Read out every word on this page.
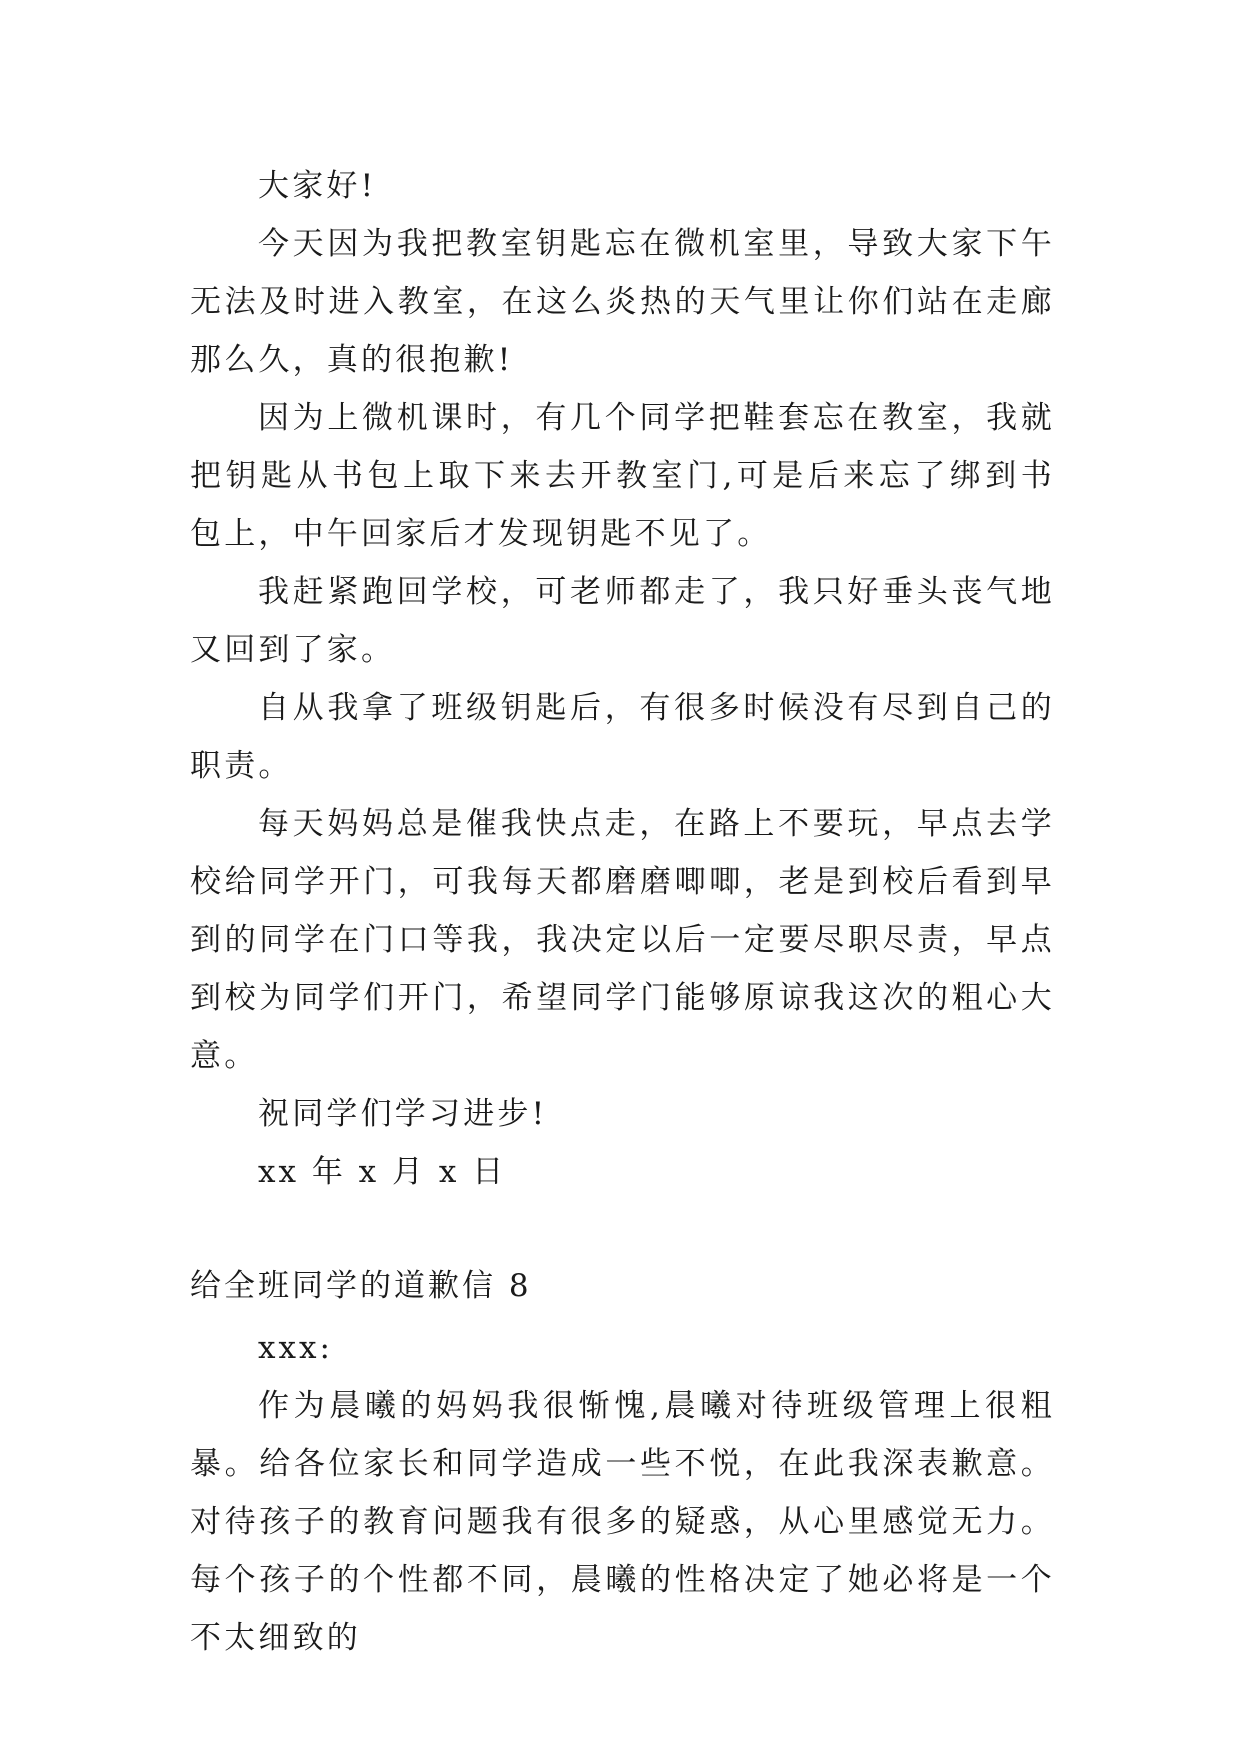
大家好!

今天因为我把教室钥匙忘在微机室里，导致大家下午无法及时进入教室，在这么炎热的天气里让你们站在走廊那么久，真的很抱歉!

因为上微机课时，有几个同学把鞋套忘在教室，我就把钥匙从书包上取下来去开教室门,可是后来忘了绑到书包上，中午回家后才发现钥匙不见了。

我赶紧跑回学校，可老师都走了，我只好垂头丧气地又回到了家。

自从我拿了班级钥匙后，有很多时候没有尽到自己的职责。

每天妈妈总是催我快点走，在路上不要玩，早点去学校给同学开门，可我每天都磨磨唧唧，老是到校后看到早到的同学在门口等我，我决定以后一定要尽职尽责，早点到校为同学们开门，希望同学门能够原谅我这次的粗心大意。

祝同学们学习进步!

xx 年 x 月 x 日

给全班同学的道歉信 8

xxx:

作为晨曦的妈妈我很惭愧,晨曦对待班级管理上很粗暴。给各位家长和同学造成一些不悦，在此我深表歉意。对待孩子的教育问题我有很多的疑惑，从心里感觉无力。每个孩子的个性都不同，晨曦的性格决定了她必将是一个不太细致的
